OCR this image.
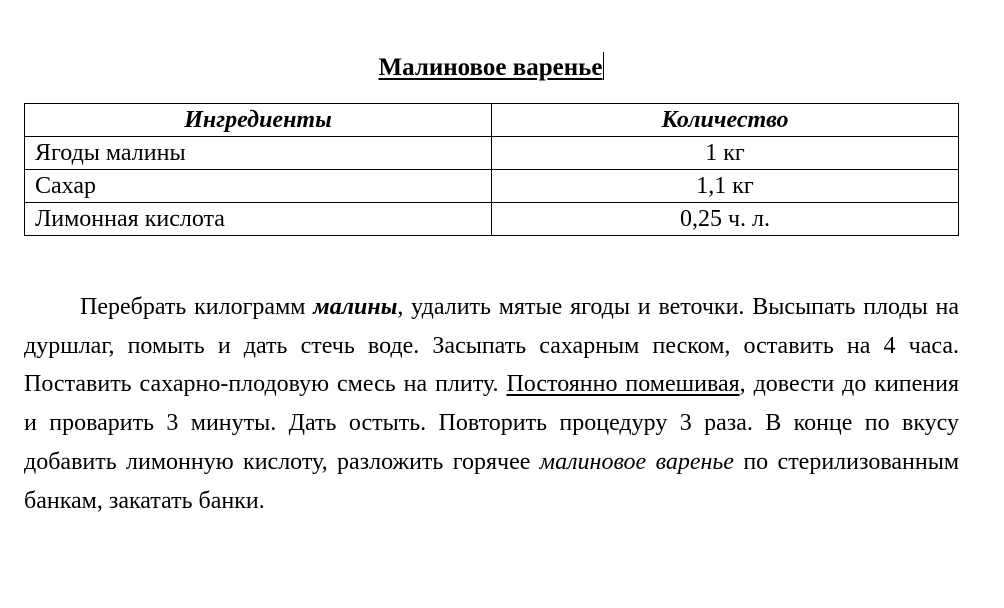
Малиновое варенье
Ингредиенты	Количество
Ягоды малины	1 кг
Сахар	1,1 кг
Лимонная кислота	0,25 ч. л.

Перебрать килограмм малины, удалить мятые ягоды и веточки. Высыпать плоды на дуршлаг, помыть и дать стечь воде. Засыпать сахарным песком, оставить на 4 часа. Поставить сахарно-плодовую смесь на плиту. Постоянно помешивая, довести до кипения и проварить 3 минуты. Дать остыть. Повторить процедуру 3 раза. В конце по вкусу добавить лимонную кислоту, разложить горячее малиновое варенье по стерилизованным банкам, закатать банки.
